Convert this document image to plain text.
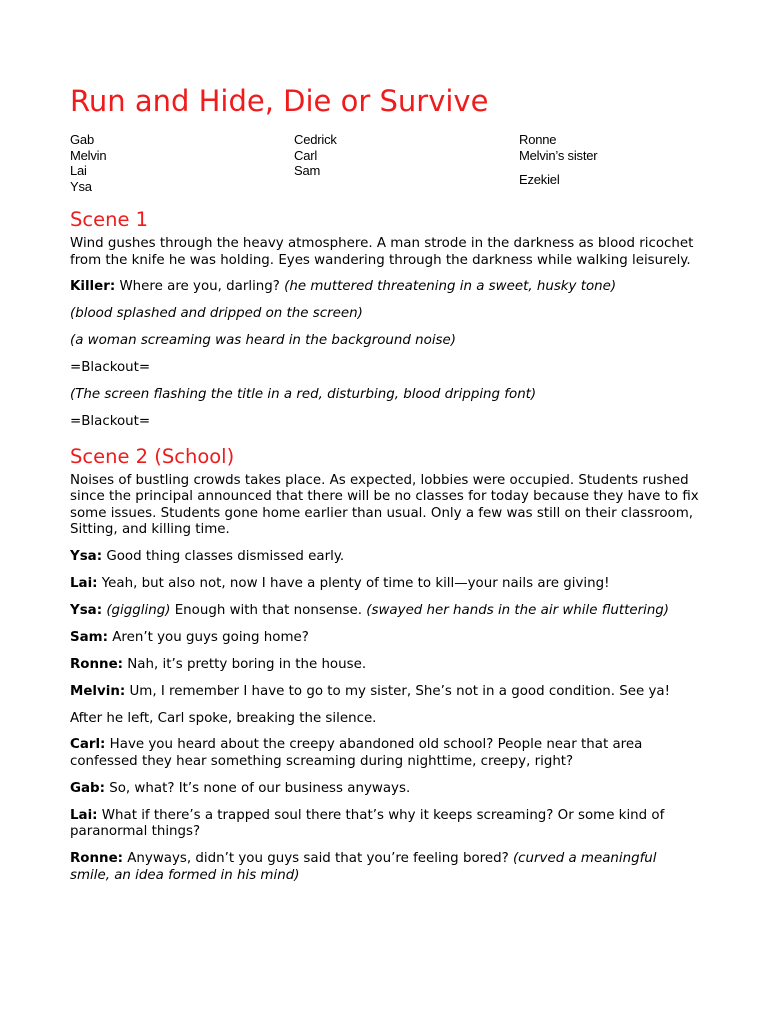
Run and Hide, Die or Survive
Gab
Melvin
Lai
Ysa
Cedrick
Carl
Sam
Ronne
Melvin’s sister
Ezekiel
Scene 1

Wind gushes through the heavy atmosphere. A man strode in the darkness as blood ricochet from the knife he was holding. Eyes wandering through the darkness while walking leisurely.

Killer: Where are you, darling? (he muttered threatening in a sweet, husky tone)

(blood splashed and dripped on the screen)

(a woman screaming was heard in the background noise)

=Blackout=

(The screen flashing the title in a red, disturbing, blood dripping font)

=Blackout=

Scene 2 (School)

Noises of bustling crowds takes place. As expected, lobbies were occupied. Students rushed since the principal announced that there will be no classes for today because they have to fix some issues. Students gone home earlier than usual. Only a few was still on their classroom, Sitting, and killing time.

Ysa: Good thing classes dismissed early.

Lai: Yeah, but also not, now I have a plenty of time to kill—your nails are giving!

Ysa: (giggling) Enough with that nonsense. (swayed her hands in the air while fluttering)

Sam: Aren’t you guys going home?

Ronne: Nah, it’s pretty boring in the house.

Melvin: Um, I remember I have to go to my sister, She’s not in a good condition. See ya!

After he left, Carl spoke, breaking the silence.

Carl: Have you heard about the creepy abandoned old school? People near that area confessed they hear something screaming during nighttime, creepy, right?

Gab: So, what? It’s none of our business anyways.

Lai: What if there’s a trapped soul there that’s why it keeps screaming? Or some kind of paranormal things?

Ronne: Anyways, didn’t you guys said that you’re feeling bored? (curved a meaningful smile, an idea formed in his mind)
